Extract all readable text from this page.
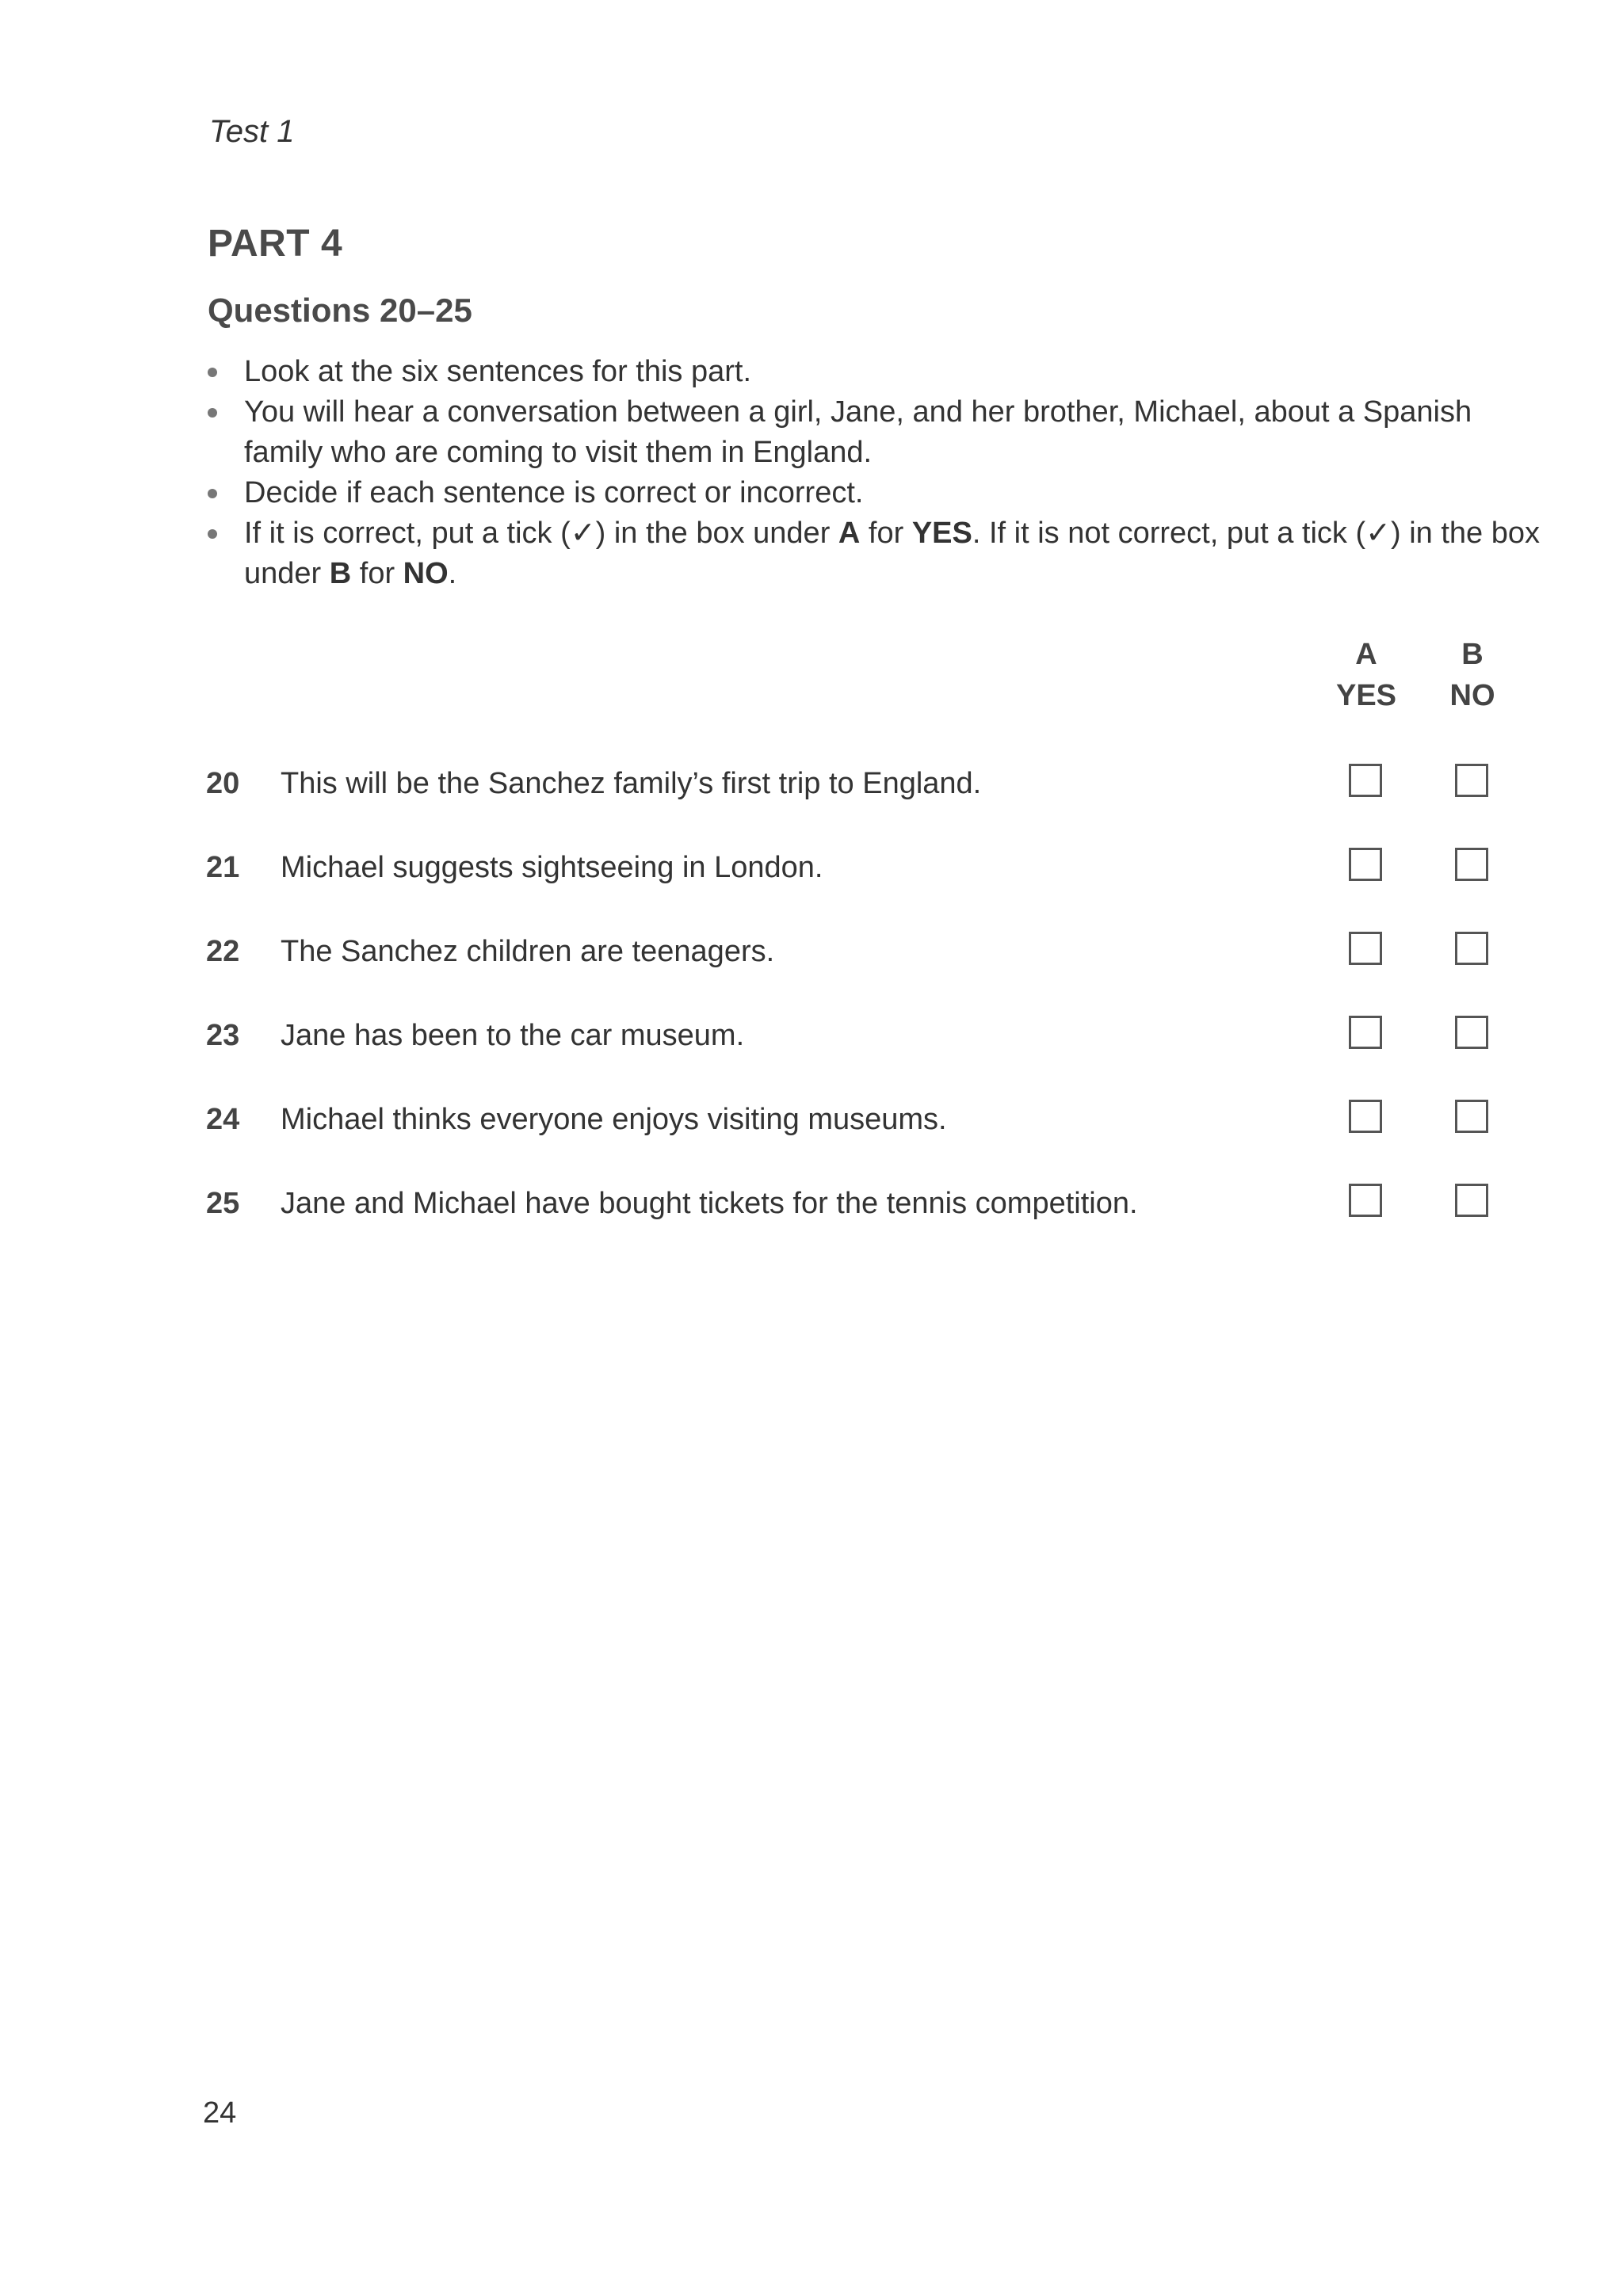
Test 1
PART 4
Questions 20–25
Look at the six sentences for this part.
You will hear a conversation between a girl, Jane, and her brother, Michael, about a Spanish family who are coming to visit them in England.
Decide if each sentence is correct or incorrect.
If it is correct, put a tick (✓) in the box under A for YES. If it is not correct, put a tick (✓) in the box under B for NO.
A
YES
B
NO
20 This will be the Sanchez family’s first trip to England.
21 Michael suggests sightseeing in London.
22 The Sanchez children are teenagers.
23 Jane has been to the car museum.
24 Michael thinks everyone enjoys visiting museums.
25 Jane and Michael have bought tickets for the tennis competition.
24
